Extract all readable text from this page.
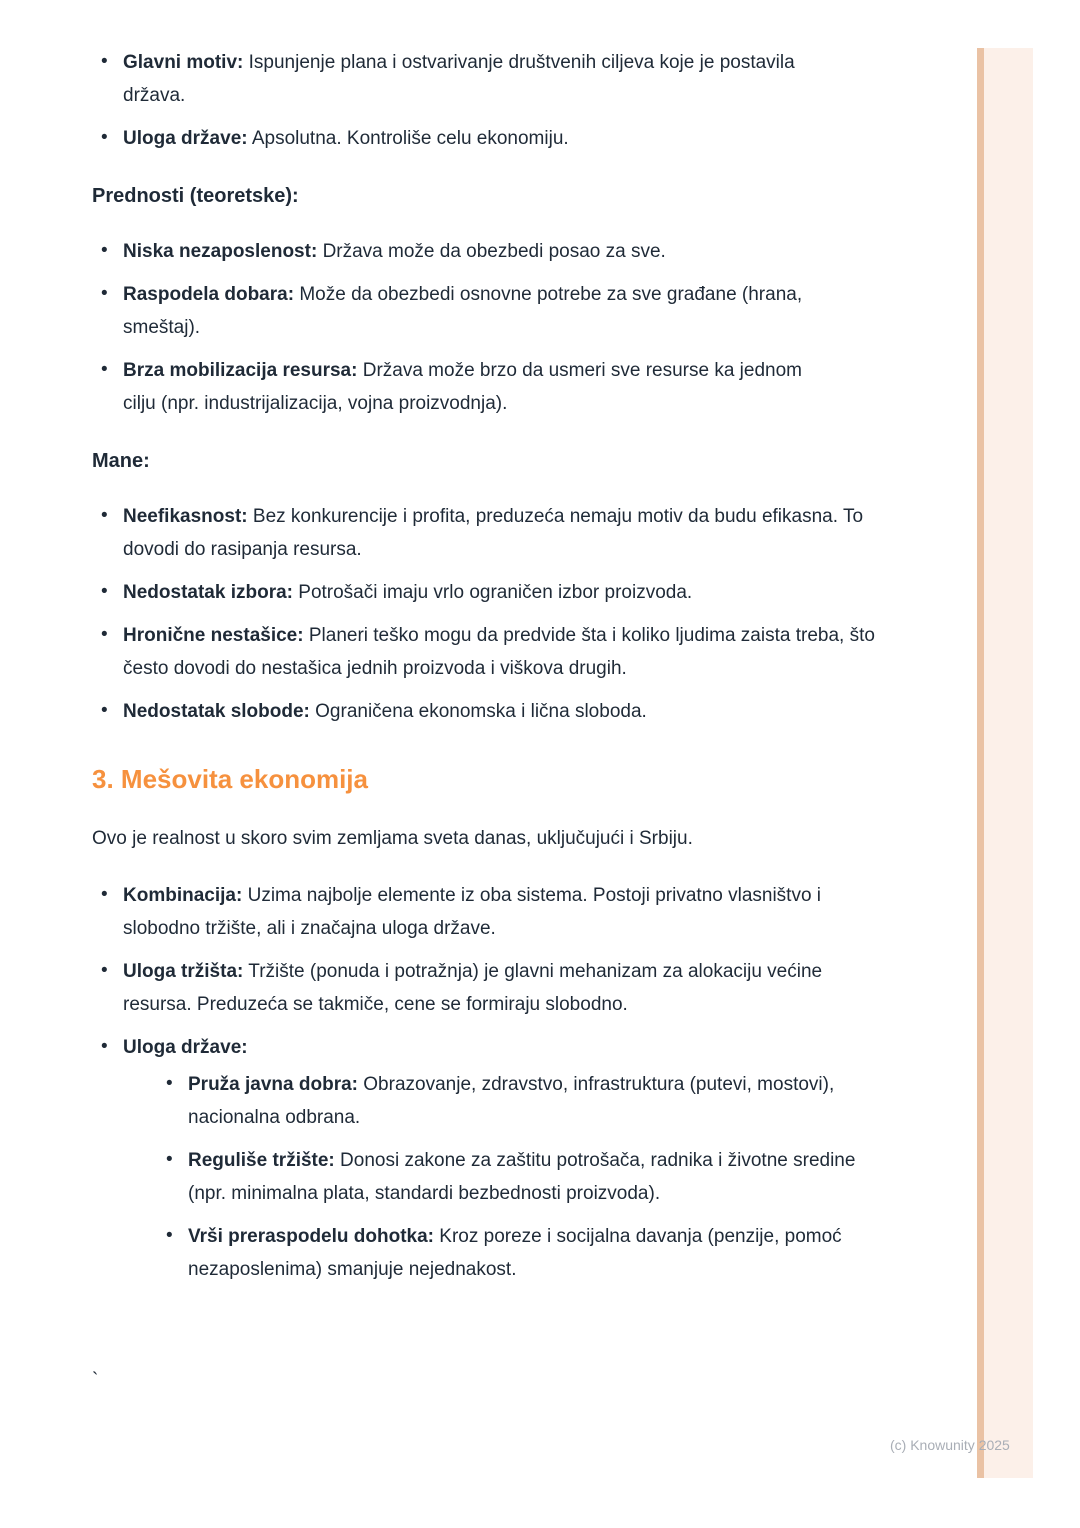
• Glavni motiv: Ispunjenje plana i ostvarivanje društvenih ciljeva koje je postavila država.
• Uloga države: Apsolutna. Kontroliše celu ekonomiju.
Prednosti (teoretske):
• Niska nezaposlenost: Država može da obezbedi posao za sve.
• Raspodela dobara: Može da obezbedi osnovne potrebe za sve građane (hrana, smeštaj).
• Brza mobilizacija resursa: Država može brzo da usmeri sve resurse ka jednom cilju (npr. industrijalizacija, vojna proizvodnja).
Mane:
• Neefikasnost: Bez konkurencije i profita, preduzeća nemaju motiv da budu efikasna. To dovodi do rasipanja resursa.
• Nedostatak izbora: Potrošači imaju vrlo ograničen izbor proizvoda.
• Hronične nestašice: Planeri teško mogu da predvide šta i koliko ljudima zaista treba, što često dovodi do nestašica jednih proizvoda i viškova drugih.
• Nedostatak slobode: Ograničena ekonomska i lična sloboda.
3. Mešovita ekonomija

Ovo je realnost u skoro svim zemljama sveta danas, uključujući i Srbiju.

• Kombinacija: Uzima najbolje elemente iz oba sistema. Postoji privatno vlasništvo i slobodno tržište, ali i značajna uloga države.
• Uloga tržišta: Tržište (ponuda i potražnja) je glavni mehanizam za alokaciju većine resursa. Preduzeća se takmiče, cene se formiraju slobodno.
• Uloga države:
• Pruža javna dobra: Obrazovanje, zdravstvo, infrastruktura (putevi, mostovi), nacionalna odbrana.
• Reguliše tržište: Donosi zakone za zaštitu potrošača, radnika i životne sredine (npr. minimalna plata, standardi bezbednosti proizvoda).
• Vrši preraspodelu dohotka: Kroz poreze i socijalna davanja (penzije, pomoć nezaposlenima) smanjuje nejednakost.
`
(c) Knowunity 2025
